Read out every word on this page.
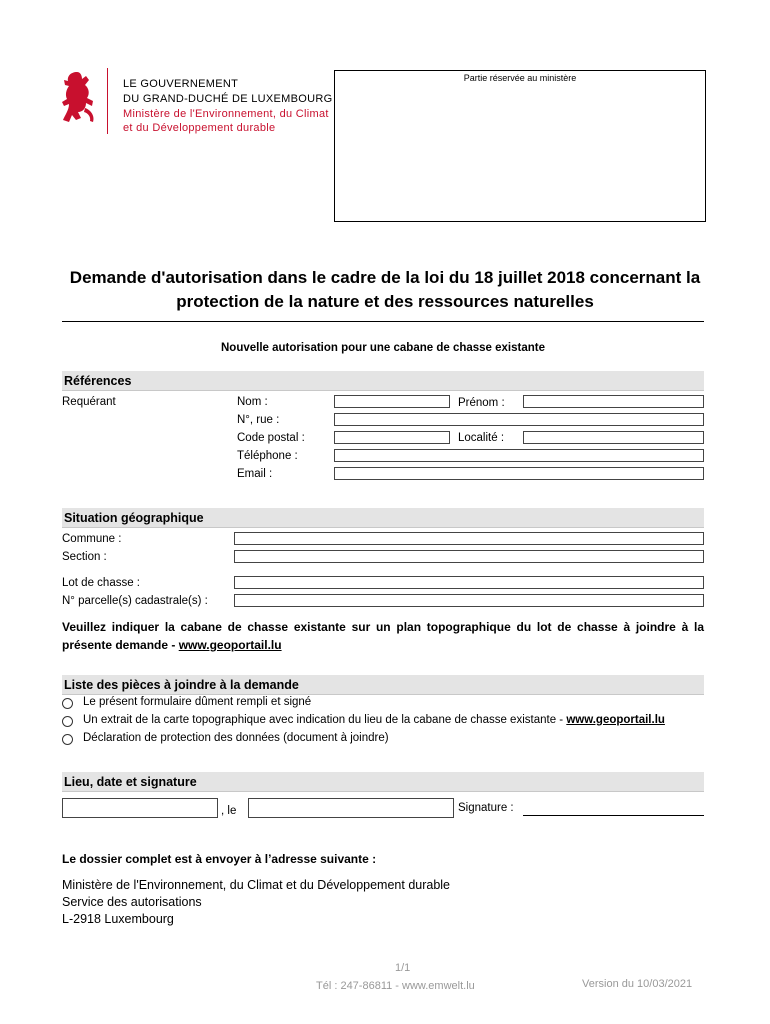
LE GOUVERNEMENT
DU GRAND-DUCHÉ DE LUXEMBOURG
Ministère de l'Environnement, du Climat
et du Développement durable
Partie réservée au ministère
Demande d'autorisation dans le cadre de la loi du 18 juillet 2018 concernant la
protection de la nature et des ressources naturelles
Nouvelle autorisation pour une cabane de chasse existante
Références
Requérant	Nom :	Prénom :
N°, rue :
Code postal :	Localité :
Téléphone :
Email :
Situation géographique
Commune :
Section :
Lot de chasse :
N° parcelle(s) cadastrale(s) :
Veuillez indiquer la cabane de chasse existante sur un plan topographique du lot de chasse à joindre à la
présente demande - www.geoportail.lu
Liste des pièces à joindre à la demande
Le présent formulaire dûment rempli et signé
Un extrait de la carte topographique avec indication du lieu de la cabane de chasse existante - www.geoportail.lu
Déclaration de protection des données (document à joindre)
Lieu, date et signature
, le	Signature :
Le dossier complet est à envoyer à l’adresse suivante :
Ministère de l'Environnement, du Climat et du Développement durable
Service des autorisations
L-2918 Luxembourg
1/1
Tél : 247-86811 - www.emwelt.lu	Version du 10/03/2021
